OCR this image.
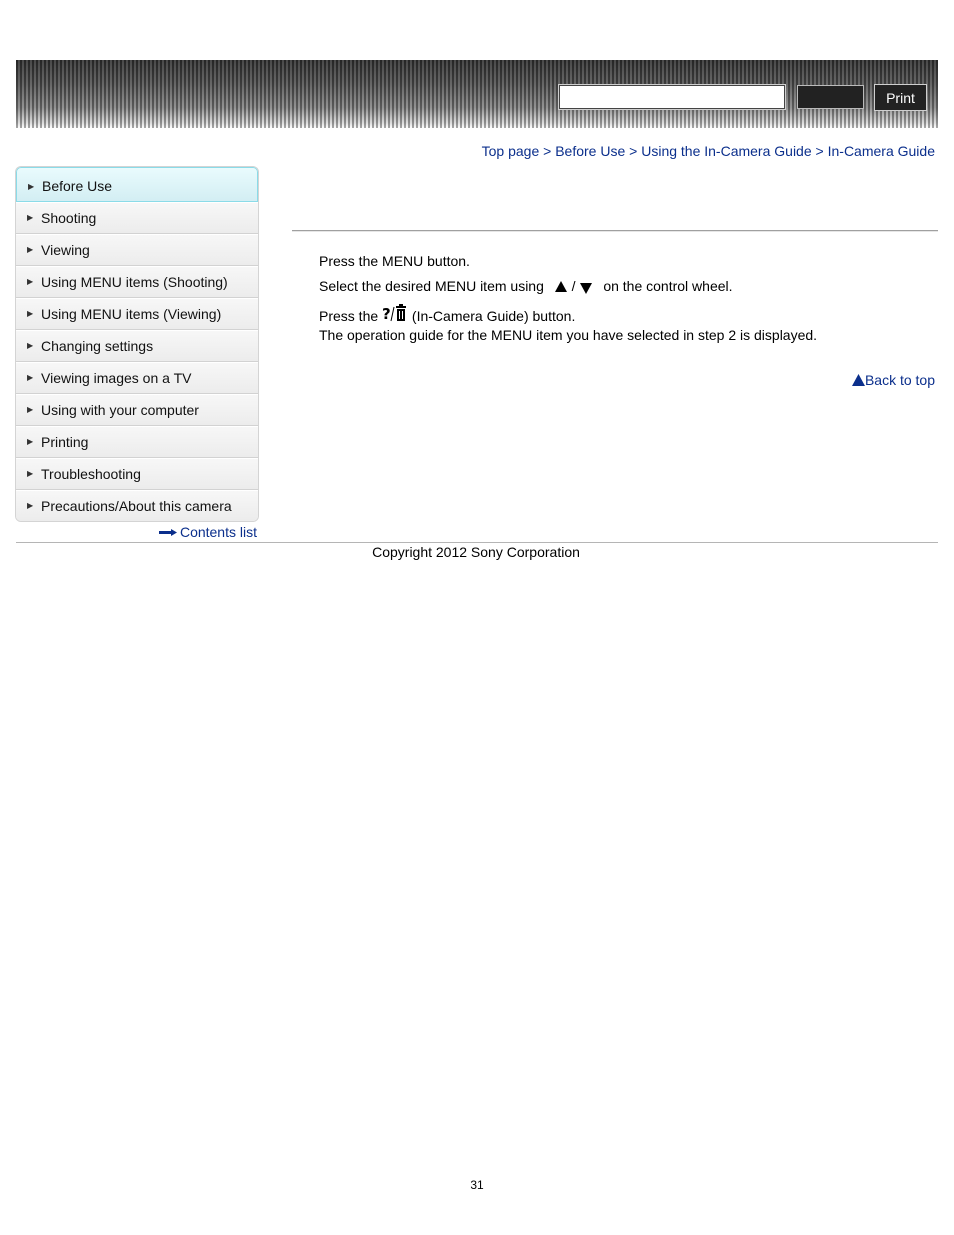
Print
Top page > Before Use > Using the In-Camera Guide > In-Camera Guide
▶ Before Use
▶ Shooting
▶ Viewing
▶ Using MENU items (Shooting)
▶ Using MENU items (Viewing)
▶ Changing settings
▶ Viewing images on a TV
▶ Using with your computer
▶ Printing
▶ Troubleshooting
▶ Precautions/About this camera
Contents list
Press the MENU button.
Select the desired MENU item using / on the control wheel.
Press the ? (In-Camera Guide) button.
The operation guide for the MENU item you have selected in step 2 is displayed.
Back to top
Copyright 2012 Sony Corporation
31
